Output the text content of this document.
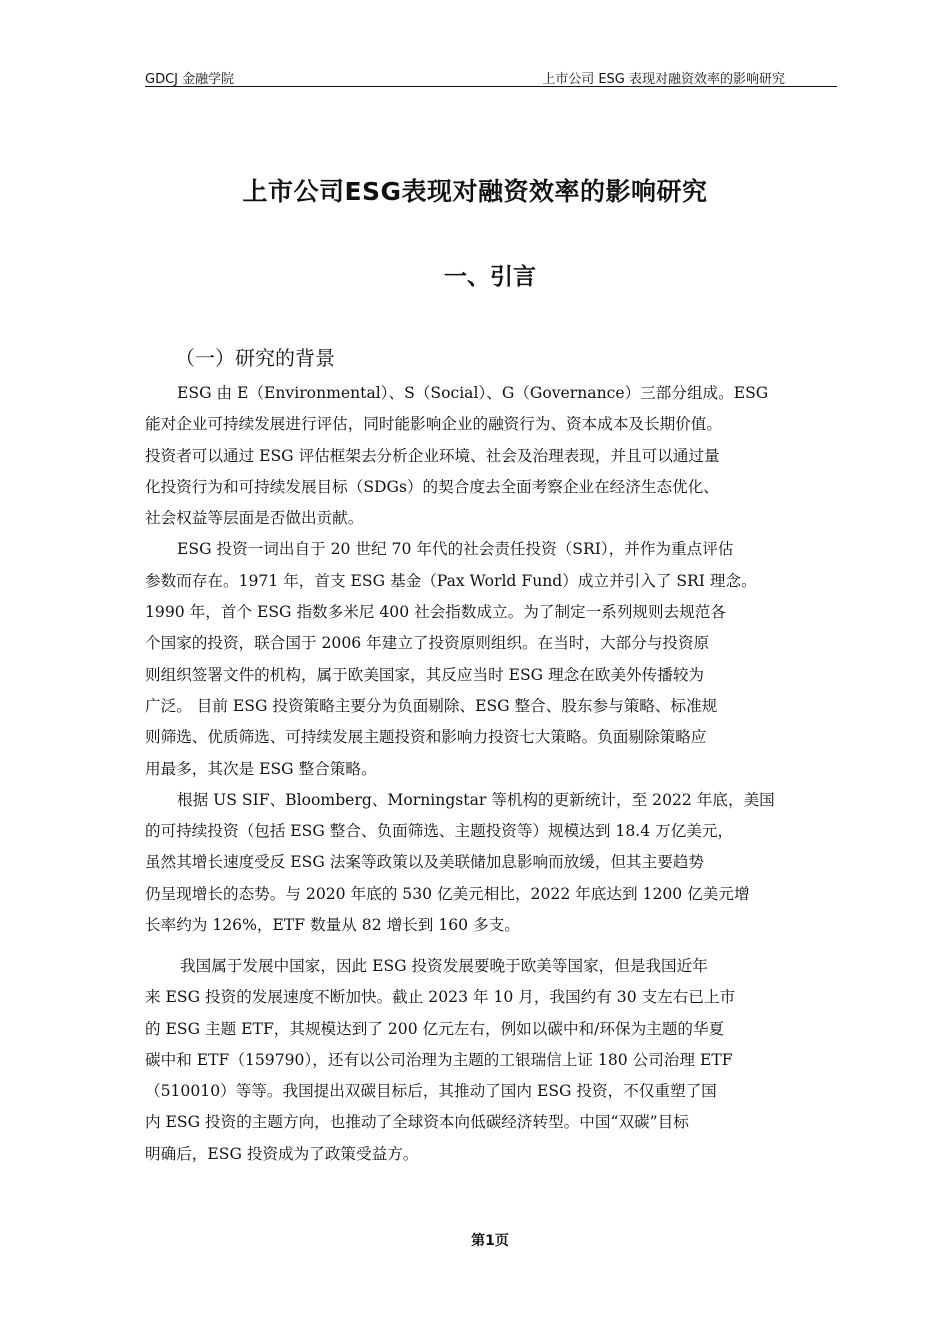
GDCJ 金融学院	上市公司 ESG 表现对融资效率的影响研究
上市公司ESG表现对融资效率的影响研究
一、引言
（一）研究的背景
ESG 由 E（Environmental）、S（Social）、G（Governance）三部分组成。ESG
能对企业可持续发展进行评估，同时能影响企业的融资行为、资本成本及长期价值。
投资者可以通过 ESG 评估框架去分析企业环境、社会及治理表现，并且可以通过量
化投资行为和可持续发展目标（SDGs）的契合度去全面考察企业在经济生态优化、
社会权益等层面是否做出贡献。
ESG 投资一词出自于 20 世纪 70 年代的社会责任投资（SRI），并作为重点评估
参数而存在。1971 年，首支 ESG 基金（Pax World Fund）成立并引入了 SRI 理念。
1990 年，首个 ESG 指数多米尼 400 社会指数成立。为了制定一系列规则去规范各
个国家的投资，联合国于 2006 年建立了投资原则组织。在当时，大部分与投资原
则组织签署文件的机构，属于欧美国家，其反应当时 ESG 理念在欧美外传播较为
广泛。 目前 ESG 投资策略主要分为负面剔除、ESG 整合、股东参与策略、标准规
则筛选、优质筛选、可持续发展主题投资和影响力投资七大策略。负面剔除策略应
用最多，其次是 ESG 整合策略。
根据 US SIF、Bloomberg、Morningstar 等机构的更新统计，至 2022 年底，美国
的可持续投资（包括 ESG 整合、负面筛选、主题投资等）规模达到 18.4 万亿美元，
虽然其增长速度受反 ESG 法案等政策以及美联储加息影响而放缓，但其主要趋势
仍呈现增长的态势。与 2020 年底的 530 亿美元相比，2022 年底达到 1200 亿美元增
长率约为 126%，ETF 数量从 82 增长到 160 多支。
我国属于发展中国家，因此 ESG 投资发展要晚于欧美等国家，但是我国近年
来 ESG 投资的发展速度不断加快。截止 2023 年 10 月，我国约有 30 支左右已上市
的 ESG 主题 ETF，其规模达到了 200 亿元左右，例如以碳中和/环保为主题的华夏
碳中和 ETF（159790），还有以公司治理为主题的工银瑞信上证 180 公司治理 ETF
（510010）等等。我国提出双碳目标后，其推动了国内 ESG 投资，不仅重塑了国
内 ESG 投资的主题方向，也推动了全球资本向低碳经济转型。中国“双碳”目标
明确后，ESG 投资成为了政策受益方。
第1页
